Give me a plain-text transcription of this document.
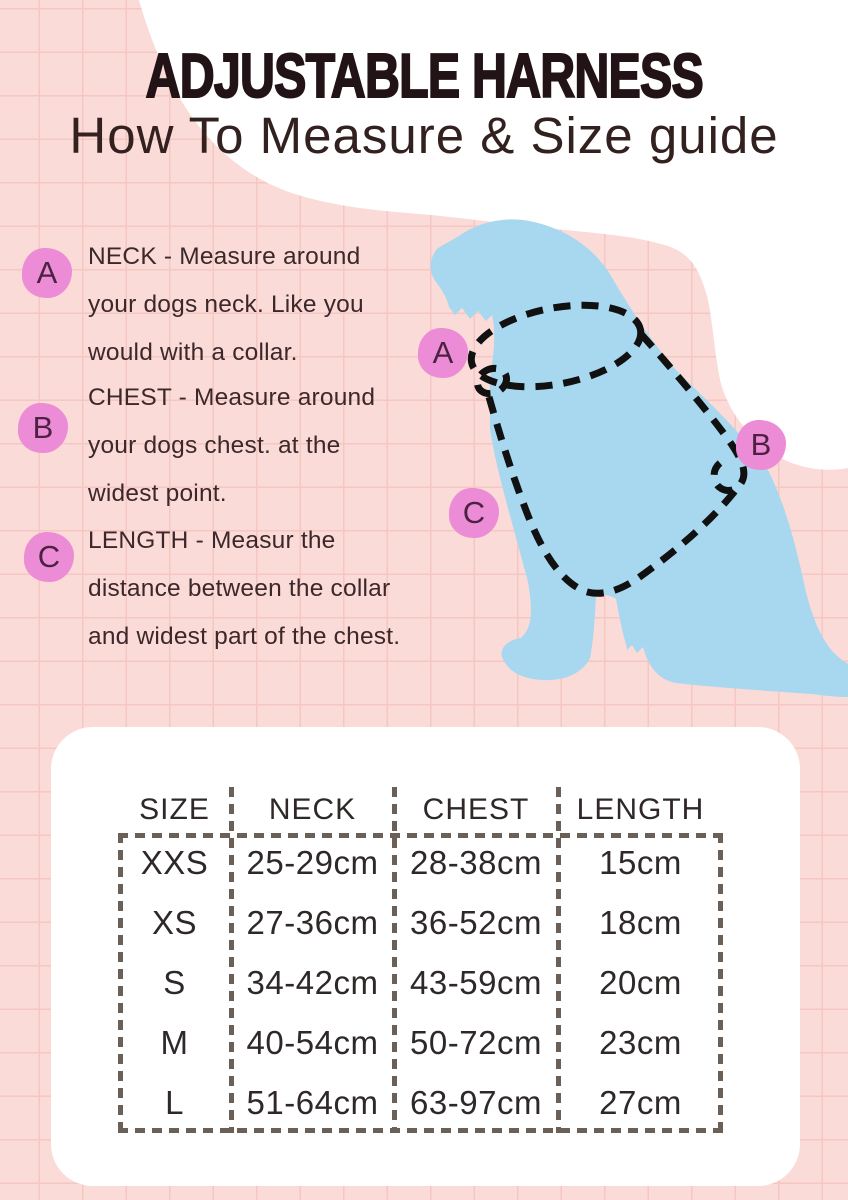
ADJUSTABLE HARNESS
How To Measure & Size guide
A NECK - Measure around
your dogs neck. Like you
would with a collar.
B
CHEST - Measure around
your dogs chest. at the
widest point.
C LENGTH - Measur the
distance between the collar
and widest part of the chest.
A
B
C
SIZE	NECK	CHEST	LENGTH
XXS	25-29cm 28-38cm	15cm
XS	27-36cm 36-52cm	18cm
S	34-42cm 43-59cm	20cm
M	40-54cm 50-72cm	23cm
L	51-64cm 63-97cm	27cm
